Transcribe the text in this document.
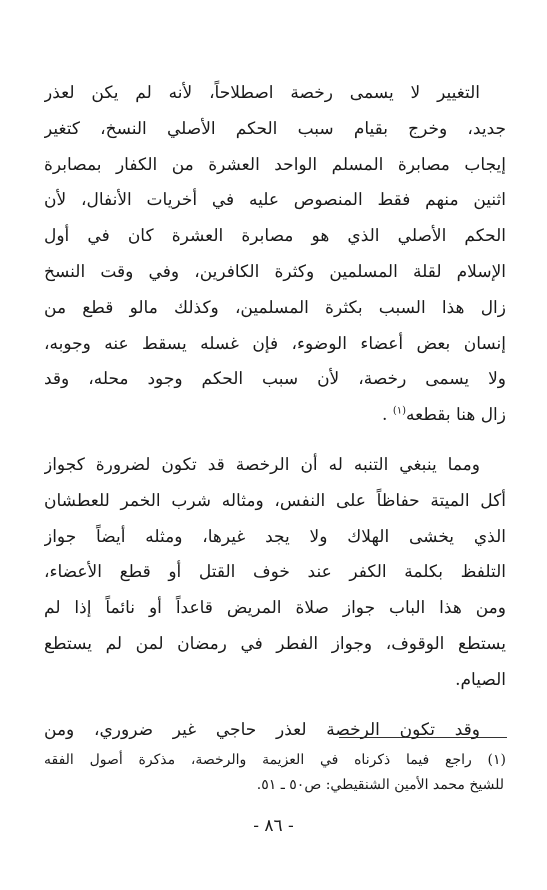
التغيير لا يسمى رخصة اصطلاحاً، لأنه لم يكن لعذر
جديد، وخرج بقيام سبب الحكم الأصلي النسخ، كتغير
إيجاب مصابرة المسلم الواحد العشرة من الكفار بمصابرة
اثنين منهم فقط المنصوص عليه في أخريات الأنفال، لأن
الحكم الأصلي الذي هو مصابرة العشرة كان في أول
الإسلام لقلة المسلمين وكثرة الكافرين، وفي وقت النسخ
زال هذا السبب بكثرة المسلمين، وكذلك مالو قطع من
إنسان بعض أعضاء الوضوء، فإن غسله يسقط عنه وجوبه،
ولا يسمى رخصة، لأن سبب الحكم وجود محله، وقد
زال هنا بقطعه$^{(١)}$ .

ومما ينبغي التنبه له أن الرخصة قد تكون لضرورة كجواز
أكل الميتة حفاظاً على النفس، ومثاله شرب الخمر للعطشان
الذي يخشى الهلاك ولا يجد غيرها، ومثله أيضاً جواز
التلفظ بكلمة الكفر عند خوف القتل أو قطع الأعضاء،
ومن هذا الباب جواز صلاة المريض قاعداً أو نائماً إذا لم
يستطع الوقوف، وجواز الفطر في رمضان لمن لم يستطع
الصيام.

وقد تكون الرخصة لعذر حاجي غير ضروري، ومن

(١) راجع فيما ذكرناه في العزيمة والرخصة، مذكرة أصول الفقه
للشيخ محمد الأمين الشنقيطي: ص٥٠ ـ ٥١.
- ٨٦ -
